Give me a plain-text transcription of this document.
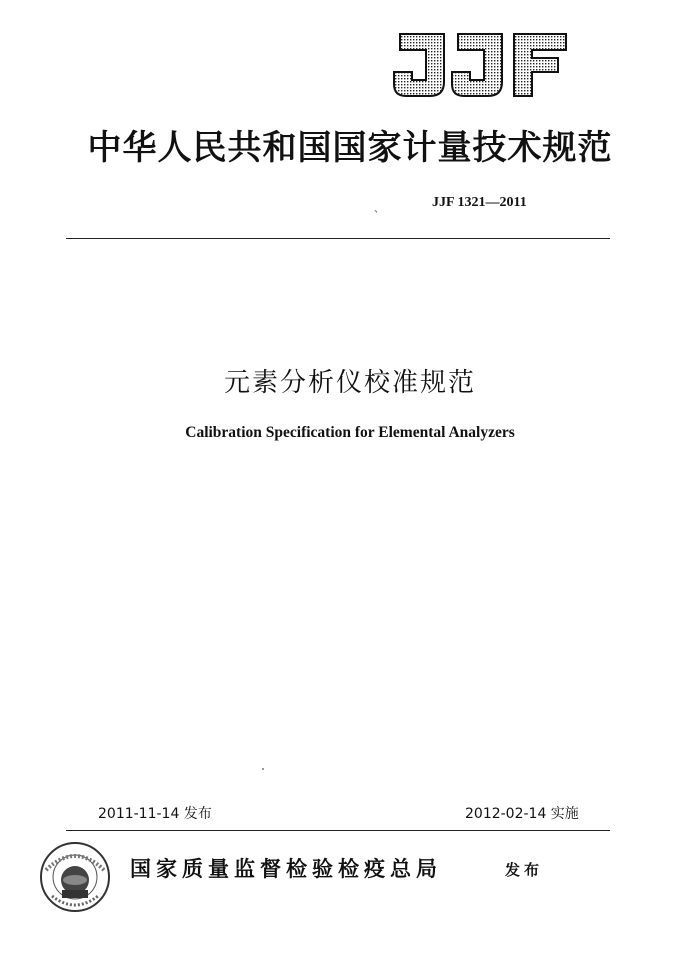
中华人民共和国国家计量技术规范
、	JJF 1321—2011
元素分析仪校准规范
Calibration Specification for Elemental Analyzers
2011-11-14 发布	2012-02-14 实施
国家质量监督检验检疫总局	发布
